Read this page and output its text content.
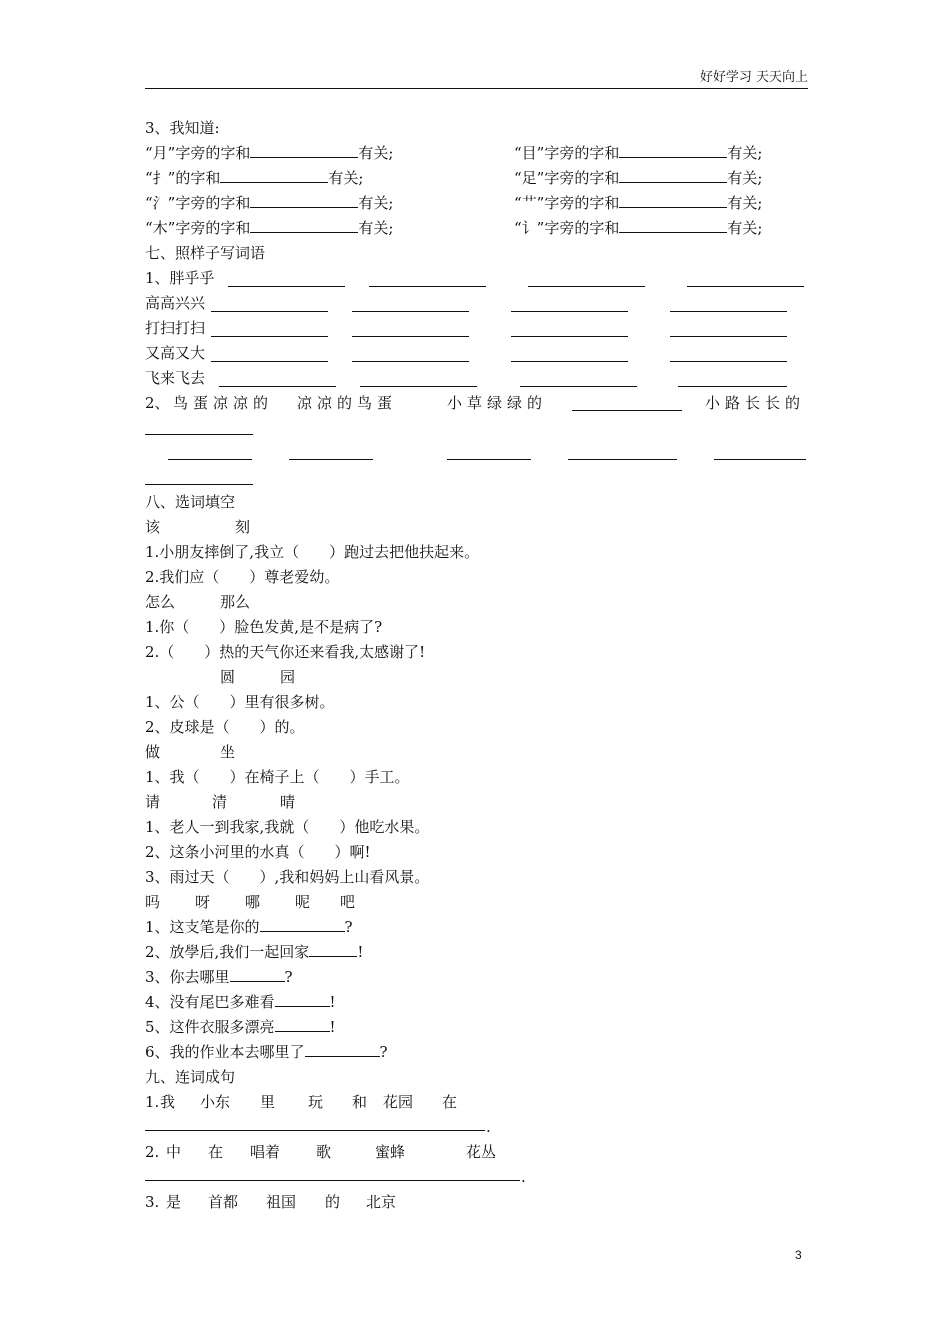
好好学习 天天向上
3、我知道:
“月”字旁的字和	有关;	“目”字旁的字和	有关;
“扌”的字和	有关;	“足”字旁的字和	有关;
“氵”字旁的字和	有关;	“艹”字旁的字和	有关;
“木”字旁的字和	有关;	“讠”字旁的字和	有关;
七、照样子写词语
1、胖乎乎
高高兴兴
打扫打扫
又高又大
飞来飞去
2、 鸟蛋凉凉的 凉凉的鸟蛋	小草绿绿的	小路长长的
八、选词填空
该	刻
1.小朋友摔倒了,我立（　　）跑过去把他扶起来。
2.我们应（　　）尊老爱幼。
怎么	那么
1.你（　　）脸色发黄,是不是病了?
2.（　　）热的天气你还来看我,太感谢了!
圆	园
1、公（　　）里有很多树。
2、皮球是（　　）的。
做	坐
1、我（　　）在椅子上（　　）手工。
请	清	晴
1、老人一到我家,我就（　　）他吃水果。
2、这条小河里的水真（　　）啊!
3、雨过天（　　）,我和妈妈上山看风景。
吗 呀 哪 呢 吧
1、这支笔是你的	?
2、放學后,我们一起回家	!
3、你去哪里	?
4、没有尾巴多难看	!
5、这件衣服多漂亮	!
6、我的作业本去哪里了	?
九、连词成句
1. 我 小东 里 玩 和 花园 在
.
2. 中 在 唱着 歌	蜜蜂	花丛
.
3. 是 首都 祖国 的 北京
3
